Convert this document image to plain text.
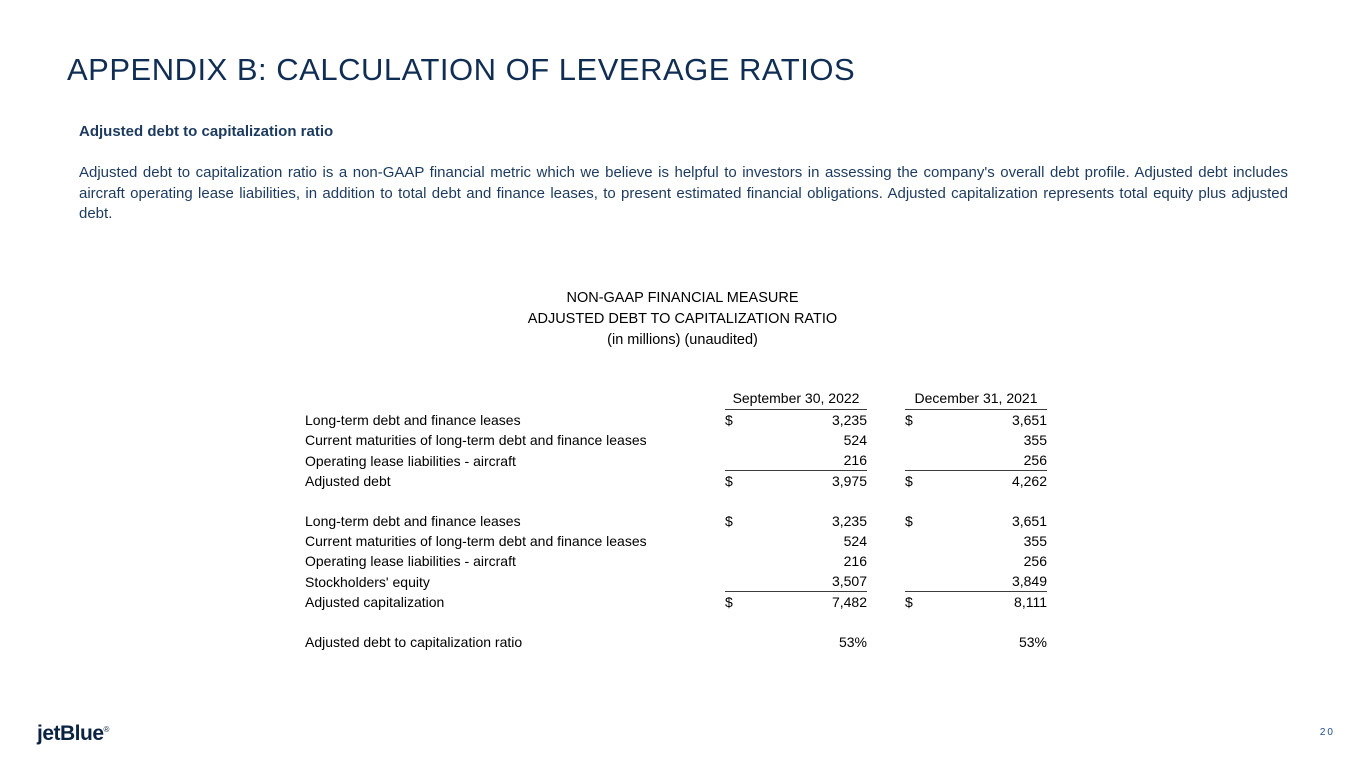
APPENDIX B: CALCULATION OF LEVERAGE RATIOS
Adjusted debt to capitalization ratio

Adjusted debt to capitalization ratio is a non-GAAP financial metric which we believe is helpful to investors in assessing the company's overall debt profile. Adjusted debt includes aircraft operating lease liabilities, in addition to total debt and finance leases, to present estimated financial obligations. Adjusted capitalization represents total equity plus adjusted debt.

NON-GAAP FINANCIAL MEASURE
ADJUSTED DEBT TO CAPITALIZATION RATIO
(in millions) (unaudited)
	September 30, 2022			December 31, 2021	
Long-term debt and finance leases	$	3,235		$	3,651
Current maturities of long-term debt and finance leases		524			355
Operating lease liabilities - aircraft		216			256
Adjusted debt	$	3,975		$	4,262

Long-term debt and finance leases	$	3,235		$	3,651
Current maturities of long-term debt and finance leases		524			355
Operating lease liabilities - aircraft		216			256
Stockholders' equity		3,507			3,849
Adjusted capitalization	$	7,482		$	8,111

Adjusted debt to capitalization ratio		53%			53%
jetBlue®	20
